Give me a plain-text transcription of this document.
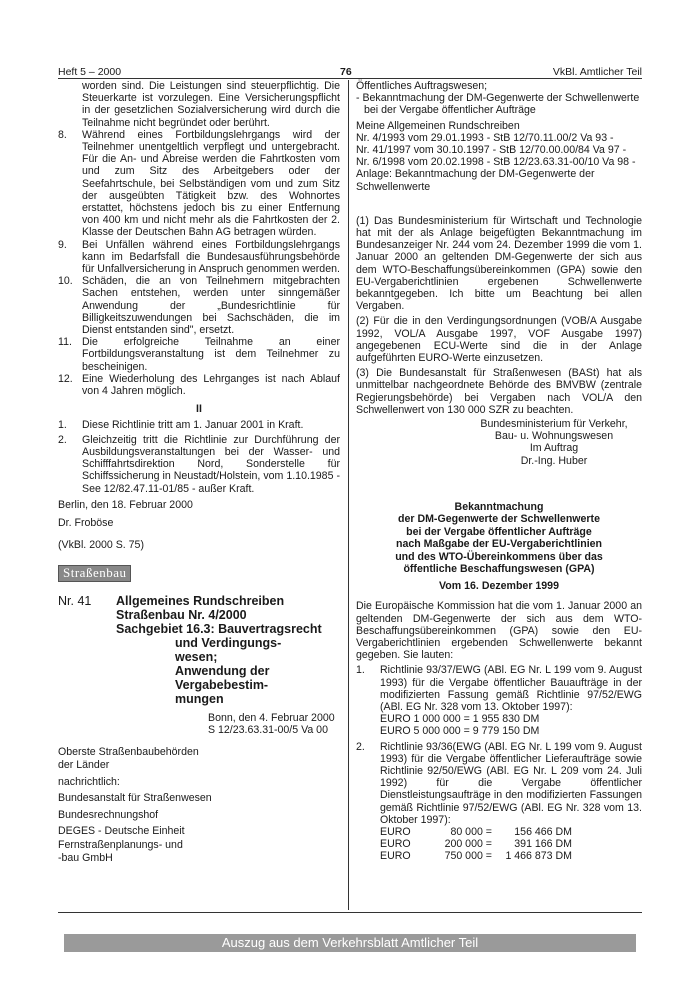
Heft 5 – 2000	76	VkBl. Amtlicher Teil

worden sind. Die Leistungen sind steuerpflichtig. Die Steuerkarte ist vorzulegen. Eine Versicherungspflicht in der gesetzlichen Sozialversicherung wird durch die Teilnahme nicht begründet oder berührt.

8.	Während eines Fortbildungslehrgangs wird der Teilnehmer unentgeltlich verpflegt und untergebracht. Für die An- und Abreise werden die Fahrtkosten vom und zum Sitz des Arbeitgebers oder der Seefahrtschule, bei Selbständigen vom und zum Sitz der ausgeübten Tätigkeit bzw. des Wohnortes erstattet, höchstens jedoch bis zu einer Entfernung von 400 km und nicht mehr als die Fahrtkosten der 2. Klasse der Deutschen Bahn AG betragen würden.
9.	Bei Unfällen während eines Fortbildungslehrgangs kann im Bedarfsfall die Bundesausführungsbehörde für Unfallversicherung in Anspruch genommen werden.
10. Schäden, die an von Teilnehmern mitgebrachten Sachen entstehen, werden unter sinngemäßer Anwendung der „Bundesrichtlinie für Billigkeitszuwendungen bei Sachschäden, die im Dienst entstanden sind", ersetzt.
11. Die erfolgreiche Teilnahme an einer Fortbildungsveranstaltung ist dem Teilnehmer zu bescheinigen.
12. Eine Wiederholung des Lehrganges ist nach Ablauf von 4 Jahren möglich.

II

1.	Diese Richtlinie tritt am 1. Januar 2001 in Kraft.
2.	Gleichzeitig tritt die Richtlinie zur Durchführung der Ausbildungsveranstaltungen bei der Wasser- und Schifffahrtsdirektion Nord, Sonderstelle für Schiffssicherung in Neustadt/Holstein, vom 1.10.1985 - See 12/82.47.11-01/85 - außer Kraft.

Berlin, den 18. Februar 2000

Dr. Froböse

(VkBl. 2000 S. 75)

Straßenbau
Nr. 41	Allgemeines Rundschreiben
Straßenbau Nr. 4/2000
Sachgebiet 16.3: Bauvertragsrecht
und Verdingungs-
wesen;
Anwendung der
Vergabebestim-
mungen

Bonn, den 4. Februar 2000

S 12/23.63.31-00/5 Va 00

Oberste Straßenbaubehörden

der Länder

nachrichtlich:

Bundesanstalt für Straßenwesen

Bundesrechnungshof

DEGES - Deutsche Einheit

Fernstraßenplanungs- und

-bau GmbH

Öffentliches Auftragswesen;

- Bekanntmachung der DM-Gegenwerte der Schwellenwerte bei der Vergabe öffentlicher Aufträge

Meine Allgemeinen Rundschreiben

Nr. 4/1993 vom 29.01.1993 - StB 12/70.11.00/2 Va 93 -

Nr. 41/1997 vom 30.10.1997 - StB 12/70.00.00/84 Va 97 -

Nr. 6/1998 vom 20.02.1998 - StB 12/23.63.31-00/10 Va 98 -

Anlage: Bekanntmachung der DM-Gegenwerte der Schwellenwerte

(1) Das Bundesministerium für Wirtschaft und Technologie hat mit der als Anlage beigefügten Bekanntmachung im Bundesanzeiger Nr. 244 vom 24. Dezember 1999 die vom 1. Januar 2000 an geltenden DM-Gegenwerte der sich aus dem WTO-Beschaffungsübereinkommen (GPA) sowie den EU-Vergaberichtlinien ergebenen Schwellenwerte bekanntgegeben. Ich bitte um Beachtung bei allen Vergaben.

(2) Für die in den Verdingungsordnungen (VOB/A Ausgabe 1992, VOL/A Ausgabe 1997, VOF Ausgabe 1997) angegebenen ECU-Werte sind die in der Anlage aufgeführten EURO-Werte einzusetzen.

(3) Die Bundesanstalt für Straßenwesen (BASt) hat als unmittelbar nachgeordnete Behörde des BMVBW (zentrale Regierungsbehörde) bei Vergaben nach VOL/A den Schwellenwert von 130 000 SZR zu beachten.

Bundesministerium für Verkehr,

Bau- u. Wohnungswesen

Im Auftrag

Dr.-Ing. Huber

Bekanntmachung

der DM-Gegenwerte der Schwellenwerte

bei der Vergabe öffentlicher Aufträge

nach Maßgabe der EU-Vergaberichtlinien

und des WTO-Übereinkommens über das

öffentliche Beschaffungswesen (GPA)

Vom 16. Dezember 1999

Die Europäische Kommission hat die vom 1. Januar 2000 an geltenden DM-Gegenwerte der sich aus dem WTO-Beschaffungsübereinkommen (GPA) sowie den EU-Vergaberichtlinien ergebenden Schwellenwerte bekannt gegeben. Sie lauten:

1.	Richtlinie 93/37/EWG (ABl. EG Nr. L 199 vom 9. August 1993) für die Vergabe öffentlicher Bauaufträge in der modifizierten Fassung gemäß Richtlinie 97/52/EWG (ABl. EG Nr. 328 vom 13. Oktober 1997):

EURO 1 000 000 = 1 955 830 DM

EURO 5 000 000 = 9 779 150 DM

2.	Richtlinie 93/36(EWG (ABl. EG Nr. L 199 vom 9. August 1993) für die Vergabe öffentlicher Lieferaufträge sowie Richtlinie 92/50/EWG (ABl. EG Nr. L 209 vom 24. Juli 1992) für die Vergabe öffentlicher Dienstleistungsaufträge in den modifizierten Fassungen gemäß Richtlinie 97/52/EWG (ABl. EG Nr. 328 vom 13. Oktober 1997):
EURO	80 000 =	156 466 DM
EURO	200 000 =	391 166 DM
EURO	750 000 =	1 466 873 DM
Auszug aus dem Verkehrsblatt Amtlicher Teil
